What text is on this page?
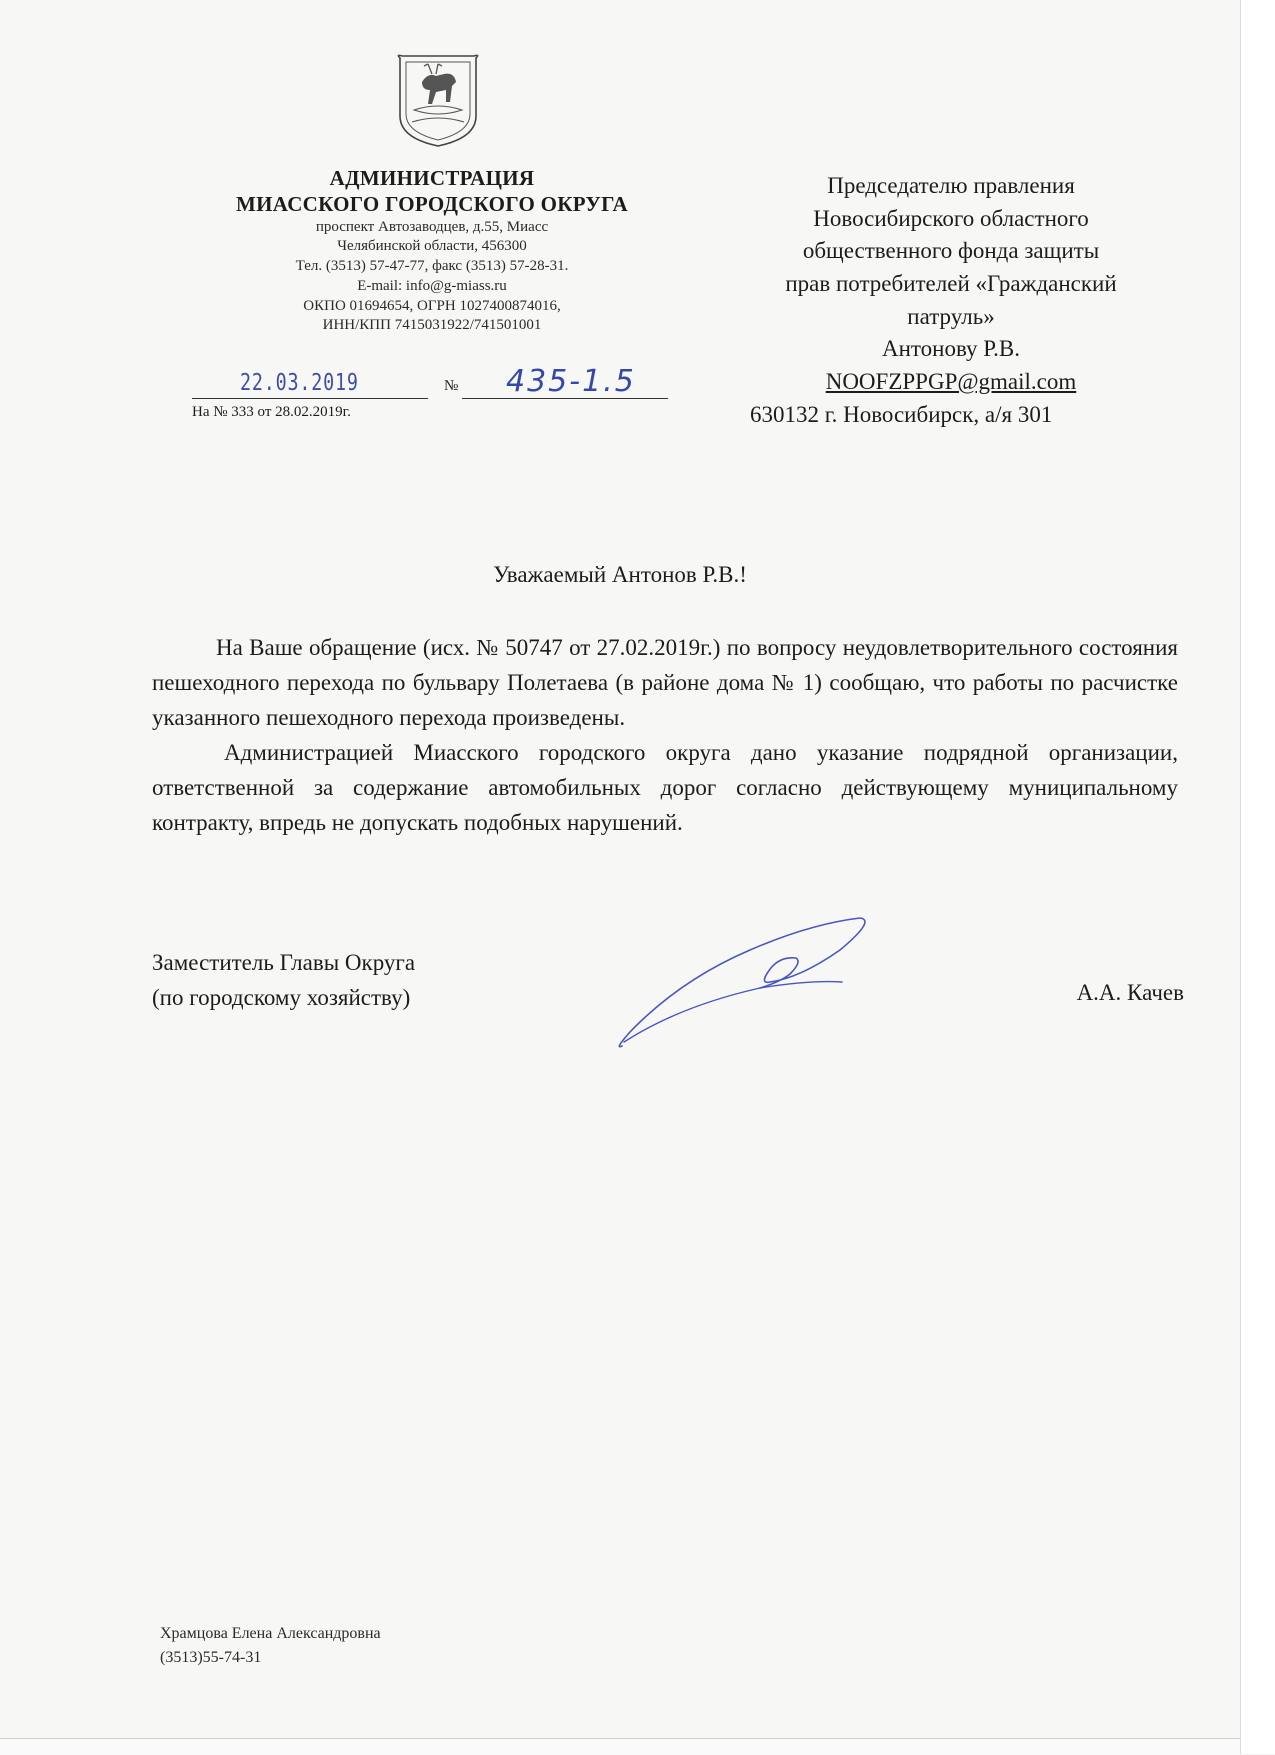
АДМИНИСТРАЦИЯ
МИАССКОГО ГОРОДСКОГО ОКРУГА
проспект Автозаводцев, д.55, Миасс
Челябинской области, 456300
Тел. (3513) 57-47-77, факс (3513) 57-28-31.
E-mail: info@g-miass.ru
ОКПО 01694654, ОГРН 1027400874016,
ИНН/КПП 7415031922/741501001
22.03.2019	№ 435-1.5
На № 333 от 28.02.2019г.
Председателю правления
Новосибирского областного
общественного фонда защиты
прав потребителей «Гражданский
патруль»
Антонову Р.В.
NOOFZPPGP@gmail.com
630132 г. Новосибирск, а/я 301
Уважаемый Антонов Р.В.!

На Ваше обращение (исх. № 50747 от 27.02.2019г.) по вопросу неудовлетворительного состояния пешеходного перехода по бульвару Полетаева (в районе дома № 1) сообщаю, что работы по расчистке указанного пешеходного перехода произведены.

Администрацией Миасского городского округа дано указание подрядной организации, ответственной за содержание автомобильных дорог согласно действующему муниципальному контракту, впредь не допускать подобных нарушений.

Заместитель Главы Округа
(по городскому хозяйству)	А.А. Качев
Храмцова Елена Александровна
(3513)55-74-31
